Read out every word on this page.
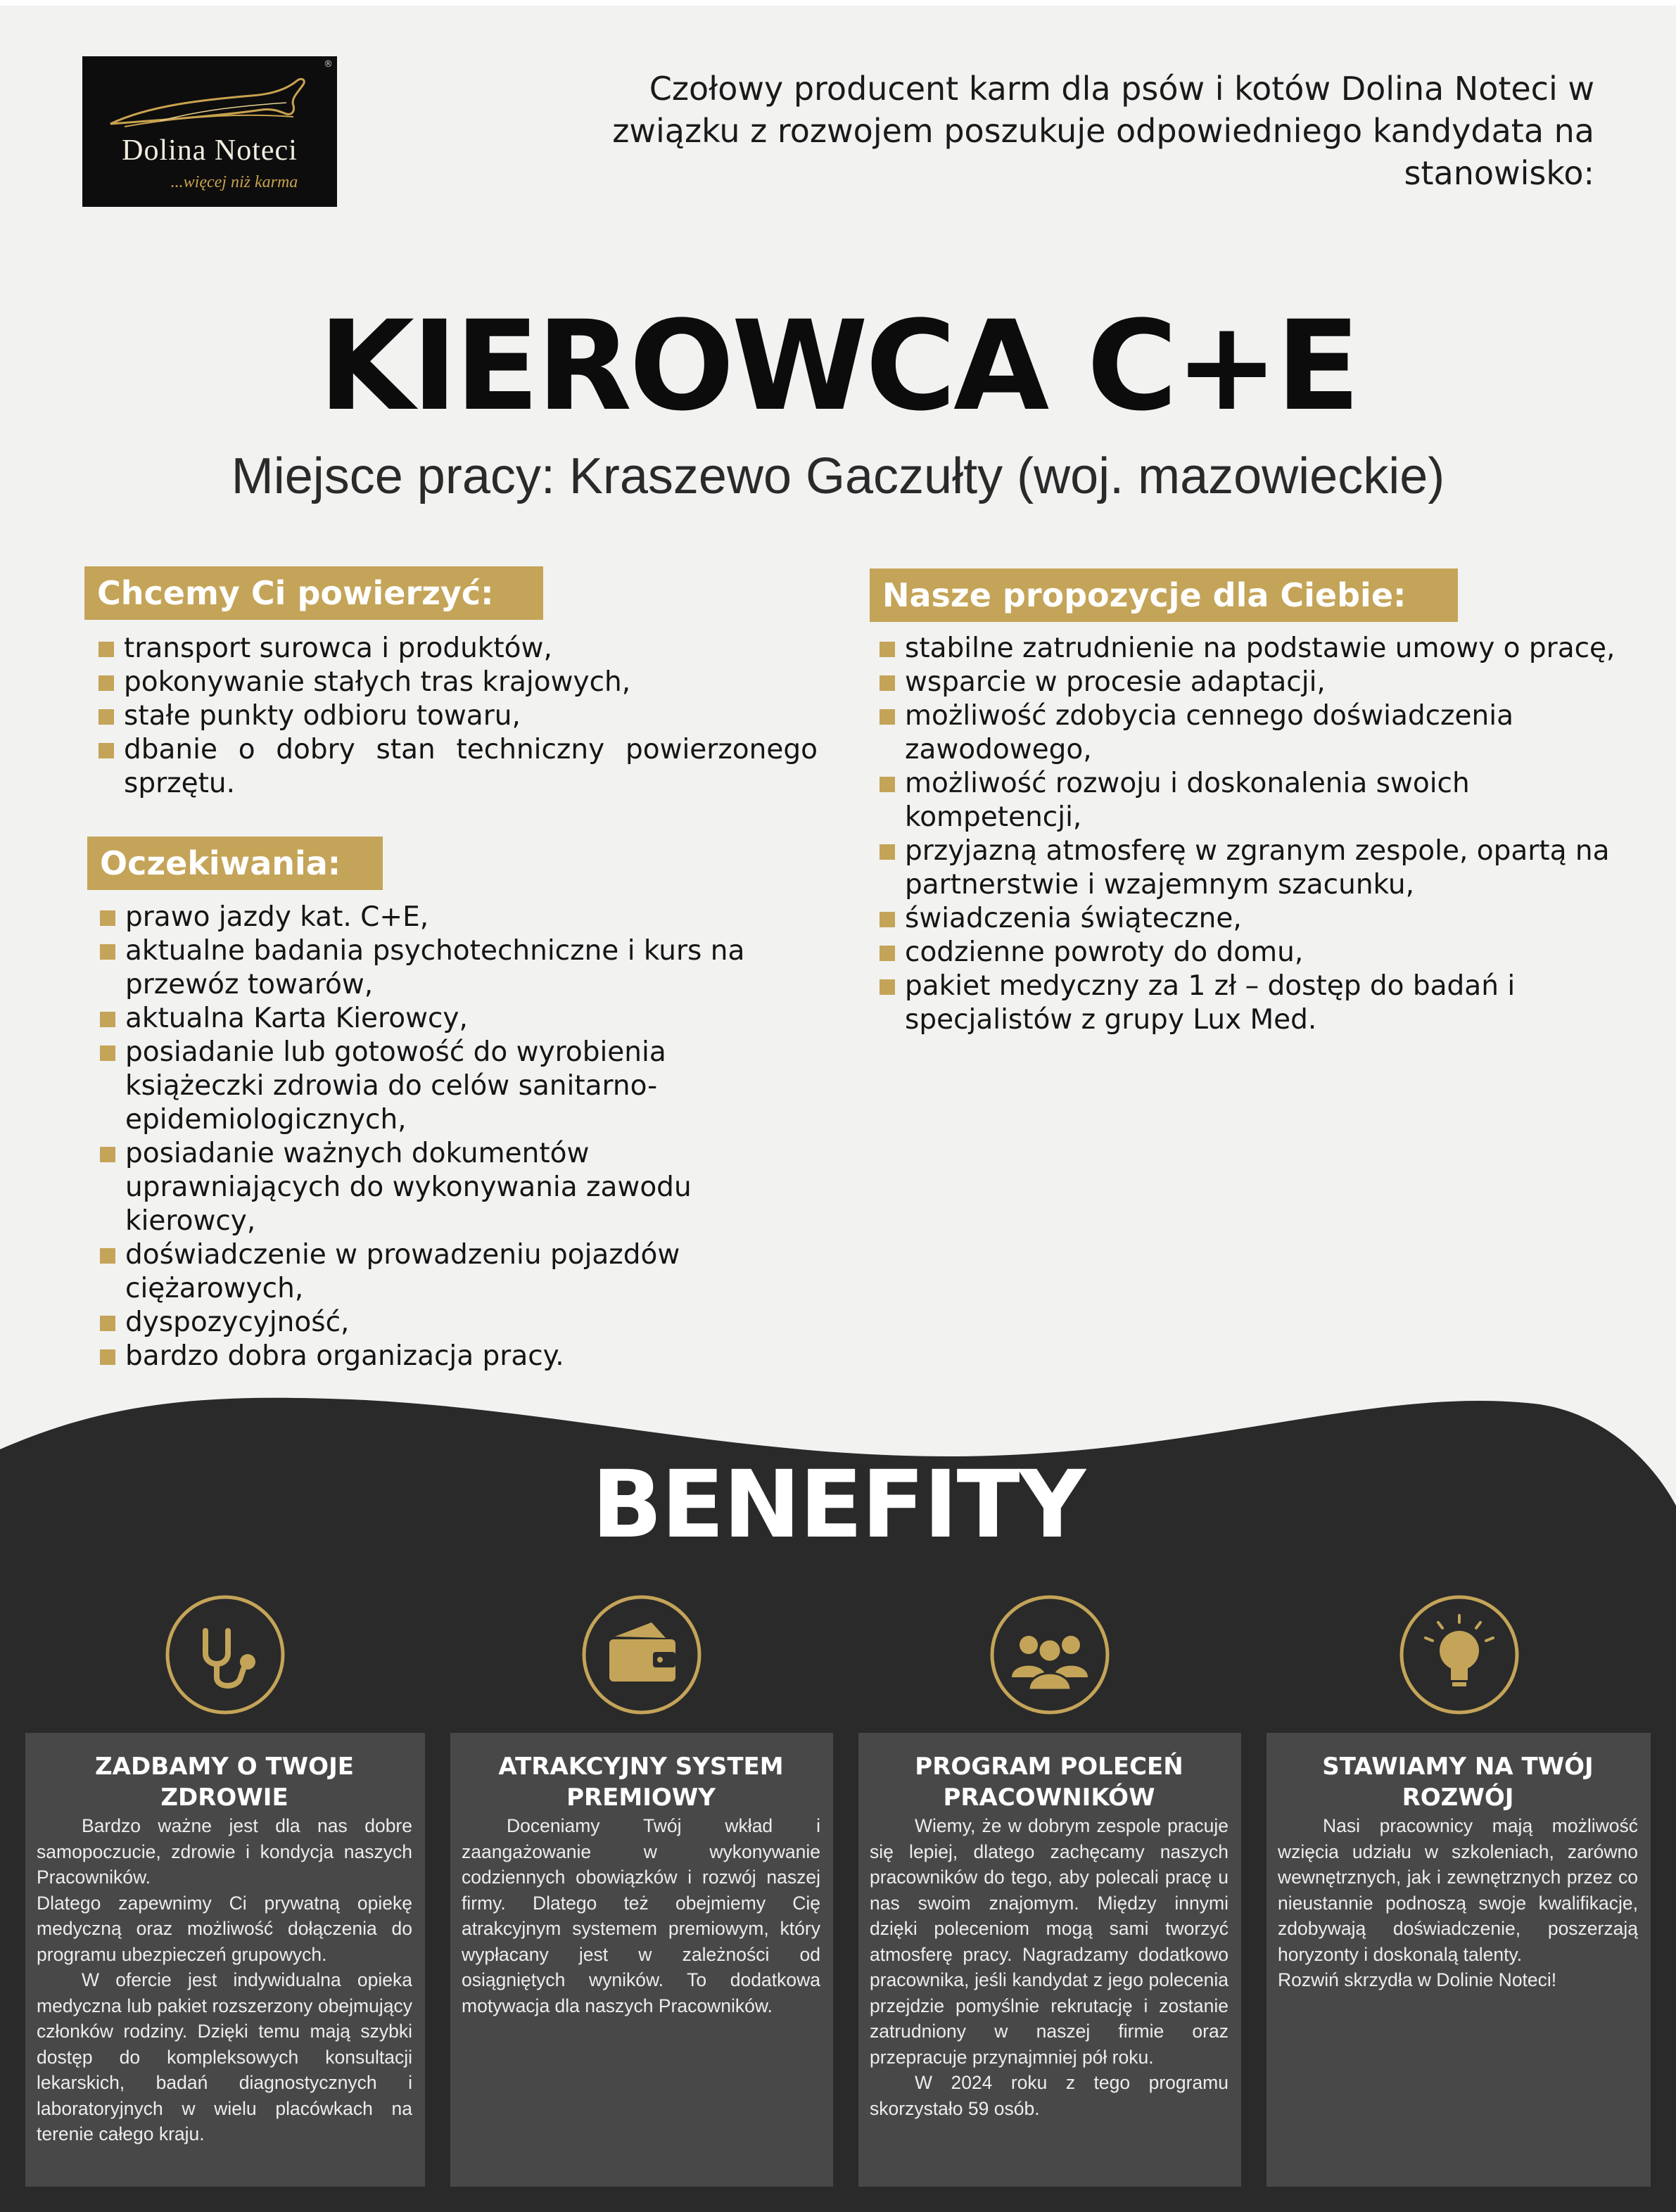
®
Dolina Noteci
...więcej niż karma
Czołowy producent karm dla psów i kotów Dolina Noteci w związku z rozwojem poszukuje odpowiedniego kandydata na stanowisko:
KIEROWCA C+E
Miejsce pracy: Kraszewo Gaczułty (woj. mazowieckie)
Chcemy Ci powierzyć:
transport surowca i produktów,
pokonywanie stałych tras krajowych,
stałe punkty odbioru towaru,
dbanie o dobry stan techniczny powierzonego sprzętu.
Oczekiwania:
prawo jazdy kat. C+E,
aktualne badania psychotechniczne i kurs na przewóz towarów,
aktualna Karta Kierowcy,
posiadanie lub gotowość do wyrobienia książeczki zdrowia do celów sanitarno-epidemiologicznych,
posiadanie ważnych dokumentów uprawniających do wykonywania zawodu kierowcy,
doświadczenie w prowadzeniu pojazdów ciężarowych,
dyspozycyjność,
bardzo dobra organizacja pracy.
Nasze propozycje dla Ciebie:
stabilne zatrudnienie na podstawie umowy o pracę,
wsparcie w procesie adaptacji,
możliwość zdobycia cennego doświadczenia zawodowego,
możliwość rozwoju i doskonalenia swoich kompetencji,
przyjazną atmosferę w zgranym zespole, opartą na partnerstwie i wzajemnym szacunku,
świadczenia świąteczne,
codzienne powroty do domu,
pakiet medyczny za 1 zł – dostęp do badań i specjalistów z grupy Lux Med.
BENEFITY
ZADBAMY O TWOJE ZDROWIE

Bardzo ważne jest dla nas dobre samopoczucie, zdrowie i kondycja naszych Pracowników.

Dlatego zapewnimy Ci prywatną opiekę medyczną oraz możliwość dołączenia do programu ubezpieczeń grupowych.

W ofercie jest indywidualna opieka medyczna lub pakiet rozszerzony obejmujący członków rodziny. Dzięki temu mają szybki dostęp do kompleksowych konsultacji lekarskich, badań diagnostycznych i laboratoryjnych w wielu placówkach na terenie całego kraju.

ATRAKCYJNY SYSTEM PREMIOWY

Doceniamy Twój wkład i zaangażowanie w wykonywanie codziennych obowiązków i rozwój naszej firmy. Dlatego też obejmiemy Cię atrakcyjnym systemem premiowym, który wypłacany jest w zależności od osiągniętych wyników. To dodatkowa motywacja dla naszych Pracowników.

PROGRAM POLECEŃ PRACOWNIKÓW

Wiemy, że w dobrym zespole pracuje się lepiej, dlatego zachęcamy naszych pracowników do tego, aby polecali pracę u nas swoim znajomym. Między innymi dzięki poleceniom mogą sami tworzyć atmosferę pracy. Nagradzamy dodatkowo pracownika, jeśli kandydat z jego polecenia przejdzie pomyślnie rekrutację i zostanie zatrudniony w naszej firmie oraz przepracuje przynajmniej pół roku.

W 2024 roku z tego programu skorzystało 59 osób.

STAWIAMY NA TWÓJ ROZWÓJ

Nasi pracownicy mają możliwość wzięcia udziału w szkoleniach, zarówno wewnętrznych, jak i zewnętrznych przez co nieustannie podnoszą swoje kwalifikacje, zdobywają doświadczenie, poszerzają horyzonty i doskonalą talenty.

Rozwiń skrzydła w Dolinie Noteci!
